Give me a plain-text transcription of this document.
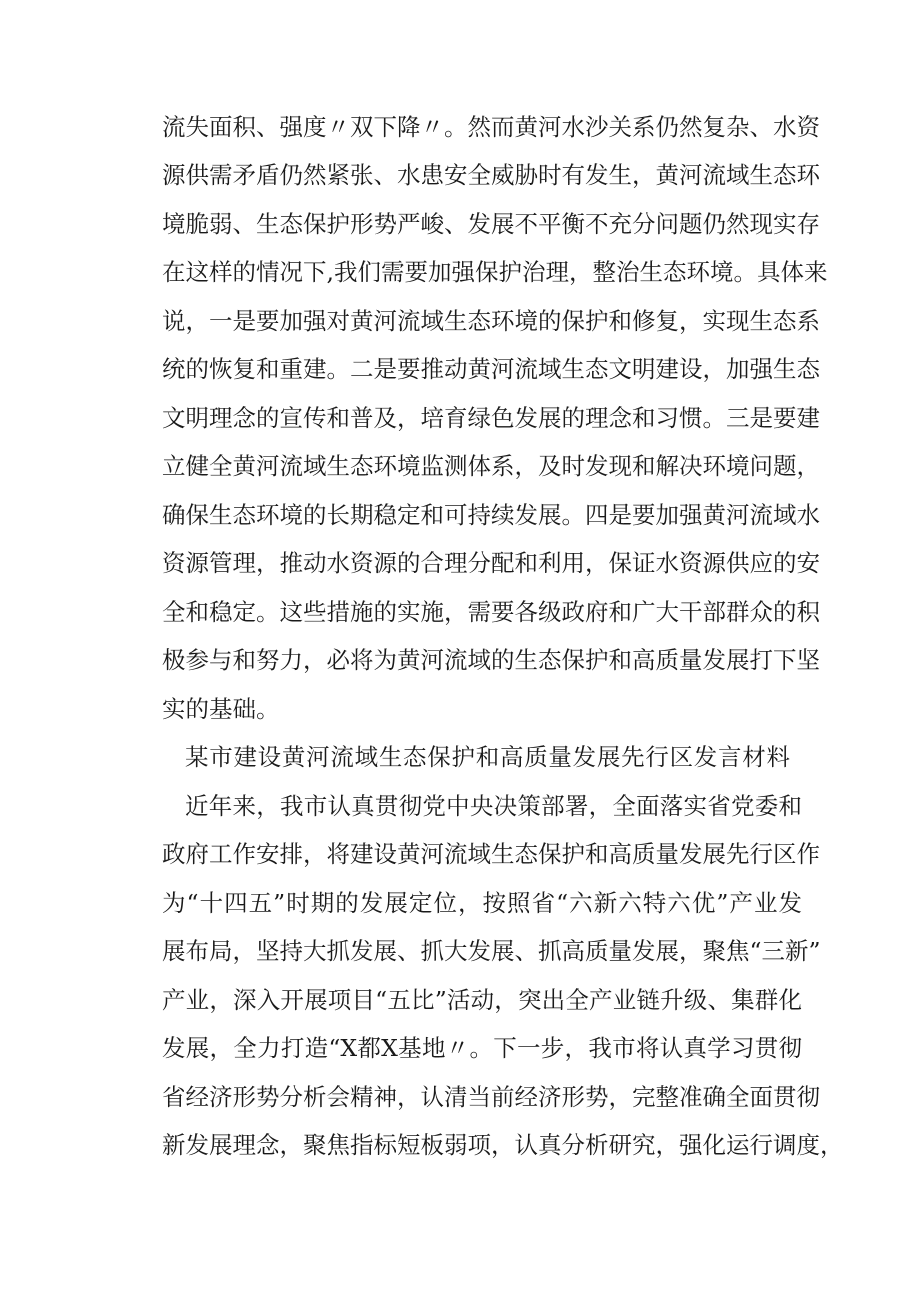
流失面积、强度〃双下降〃。然而黄河水沙关系仍然复杂、水资
源供需矛盾仍然紧张、水患安全威胁时有发生，黄河流域生态环
境脆弱、生态保护形势严峻、发展不平衡不充分问题仍然现实存
在这样的情况下,我们需要加强保护治理，整治生态环境。具体来
说，一是要加强对黄河流域生态环境的保护和修复，实现生态系
统的恢复和重建。二是要推动黄河流域生态文明建设，加强生态
文明理念的宣传和普及，培育绿色发展的理念和习惯。三是要建
立健全黄河流域生态环境监测体系，及时发现和解决环境问题，
确保生态环境的长期稳定和可持续发展。四是要加强黄河流域水
资源管理，推动水资源的合理分配和利用，保证水资源供应的安
全和稳定。这些措施的实施，需要各级政府和广大干部群众的积
极参与和努力，必将为黄河流域的生态保护和高质量发展打下坚
实的基础。
某市建设黄河流域生态保护和高质量发展先行区发言材料
近年来，我市认真贯彻党中央决策部署，全面落实省党委和
政府工作安排，将建设黄河流域生态保护和高质量发展先行区作
为“十四五”时期的发展定位，按照省“六新六特六优”产业发
展布局，坚持大抓发展、抓大发展、抓高质量发展，聚焦“三新”
产业，深入开展项目“五比”活动，突出全产业链升级、集群化
发展，全力打造“X都X基地〃。下一步，我市将认真学习贯彻
省经济形势分析会精神，认清当前经济形势，完整准确全面贯彻
新发展理念，聚焦指标短板弱项，认真分析研究，强化运行调度，
